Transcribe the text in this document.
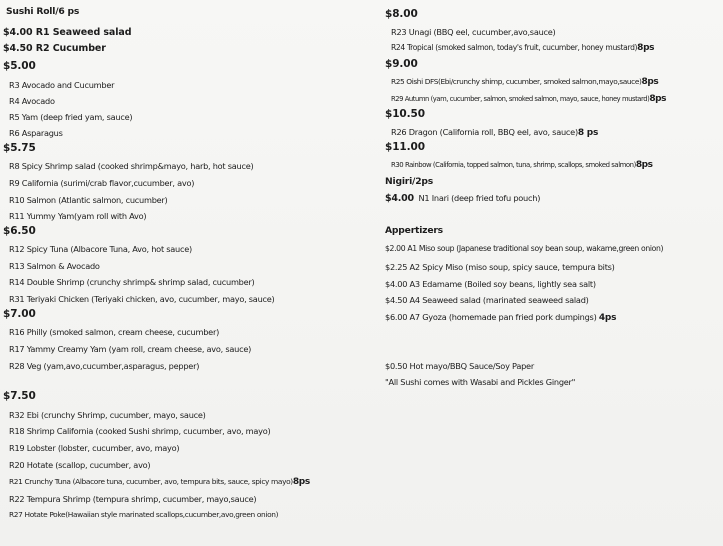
Sushi Roll/6 ps
$4.00 R1 Seaweed salad
$4.50 R2 Cucumber
$5.00
R3 Avocado and Cucumber
R4 Avocado
R5 Yam (deep fried yam, sauce)
R6 Asparagus
$5.75
R8 Spicy Shrimp salad (cooked shrimp&mayo, harb, hot sauce)
R9 California (surimi/crab flavor,cucumber, avo)
R10 Salmon (Atlantic salmon, cucumber)
R11 Yummy Yam(yam roll with Avo)
$6.50
R12 Spicy Tuna (Albacore Tuna, Avo, hot sauce)
R13 Salmon & Avocado
R14 Double Shrimp (crunchy shrimp& shrimp salad, cucumber)
R31 Teriyaki Chicken (Teriyaki chicken, avo, cucumber, mayo, sauce)
$7.00
R16 Philly (smoked salmon, cream cheese, cucumber)
R17 Yammy Creamy Yam (yam roll, cream cheese, avo, sauce)
R28 Veg (yam,avo,cucumber,asparagus, pepper)
$7.50
R32 Ebi (crunchy Shrimp, cucumber, mayo, sauce)
R18 Shrimp California (cooked Sushi shrimp, cucumber, avo, mayo)
R19 Lobster (lobster, cucumber, avo, mayo)
R20 Hotate (scallop, cucumber, avo)
R21 Crunchy Tuna (Albacore tuna, cucumber, avo, tempura bits, sauce, spicy mayo)8ps
R22 Tempura Shrimp (tempura shrimp, cucumber, mayo,sauce)
R27 Hotate Poke(Hawaiian style marinated scallops,cucumber,avo,green onion)
$8.00
R23 Unagi (BBQ eel, cucumber,avo,sauce)
R24 Tropical (smoked salmon, today's fruit, cucumber, honey mustard)8ps
$9.00
R25 Oishi DFS(Ebi/crunchy shimp, cucumber, smoked salmon,mayo,sauce)8ps
R29 Autumn (yam, cucumber, salmon, smoked salmon, mayo, sauce, honey mustard)8ps
$10.50
R26 Dragon (California roll, BBQ eel, avo, sauce)8 ps
$11.00
R30 Rainbow (California, topped salmon, tuna, shrimp, scallops, smoked salmon)8ps
Nigiri/2ps
$4.00 N1 Inari (deep fried tofu pouch)
Appertizers
$2.00 A1 Miso soup (Japanese traditional soy bean soup, wakame,green onion)
$2.25 A2 Spicy Miso (miso soup, spicy sauce, tempura bits)
$4.00 A3 Edamame (Boiled soy beans, lightly sea salt)
$4.50 A4 Seaweed salad (marinated seaweed salad)
$6.00 A7 Gyoza (homemade pan fried pork dumpings) 4ps
$0.50 Hot mayo/BBQ Sauce/Soy Paper
"All Sushi comes with Wasabi and Pickles Ginger"
